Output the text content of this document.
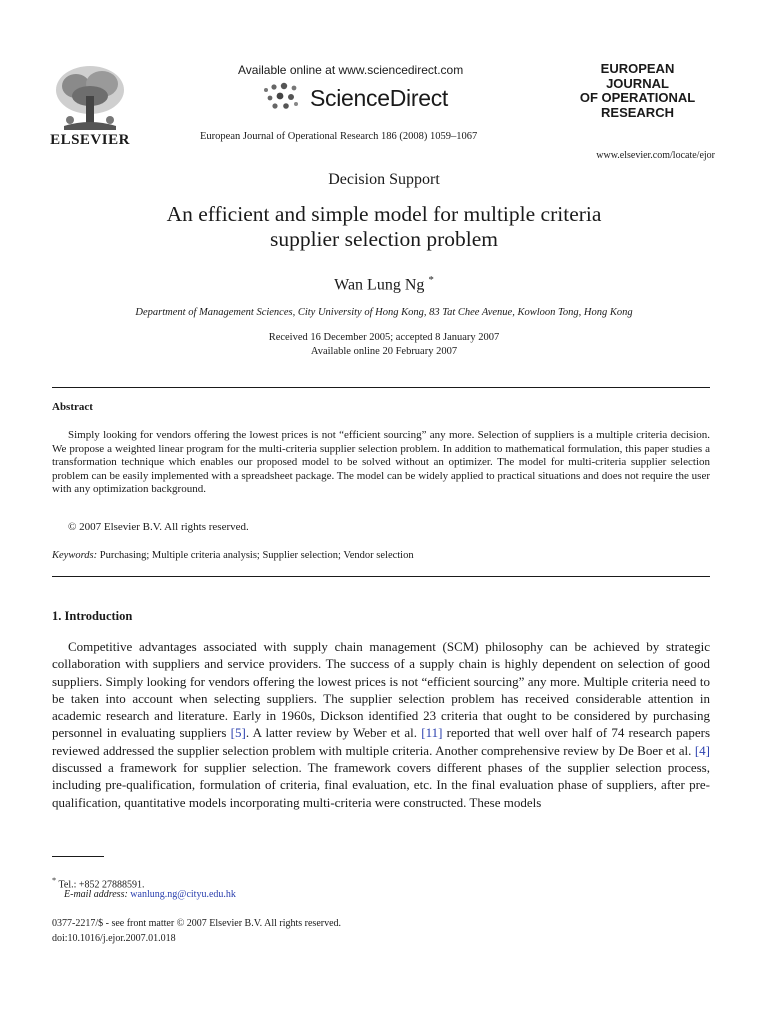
ELSEVIER
Available online at www.sciencedirect.com
ScienceDirect
European Journal of Operational Research 186 (2008) 1059–1067
EUROPEAN
JOURNAL
OF OPERATIONAL
RESEARCH
www.elsevier.com/locate/ejor
Decision Support
An efficient and simple model for multiple criteria
supplier selection problem
Wan Lung Ng *
Department of Management Sciences, City University of Hong Kong, 83 Tat Chee Avenue, Kowloon Tong, Hong Kong
Received 16 December 2005; accepted 8 January 2007
Available online 20 February 2007
Abstract
Simply looking for vendors offering the lowest prices is not “efficient sourcing” any more. Selection of suppliers is a multiple criteria decision. We propose a weighted linear program for the multi-criteria supplier selection problem. In addition to mathematical formulation, this paper studies a transformation technique which enables our proposed model to be solved without an optimizer. The model for multi-criteria supplier selection problem can be easily implemented with a spreadsheet package. The model can be widely applied to practical situations and does not require the user with any optimization background.
© 2007 Elsevier B.V. All rights reserved.
Keywords: Purchasing; Multiple criteria analysis; Supplier selection; Vendor selection
1. Introduction
Competitive advantages associated with supply chain management (SCM) philosophy can be achieved by strategic collaboration with suppliers and service providers. The success of a supply chain is highly dependent on selection of good suppliers. Simply looking for vendors offering the lowest prices is not “efficient sourcing” any more. Multiple criteria need to be taken into account when selecting suppliers. The supplier selection problem has received considerable attention in academic research and literature. Early in 1960s, Dickson identified 23 criteria that ought to be considered by purchasing personnel in evaluating suppliers [5]. A latter review by Weber et al. [11] reported that well over half of 74 research papers reviewed addressed the supplier selection problem with multiple criteria. Another comprehensive review by De Boer et al. [4] discussed a framework for supplier selection. The framework covers different phases of the supplier selection process, including pre-qualification, formulation of criteria, final evaluation, etc. In the final evaluation phase of suppliers, after pre-qualification, quantitative models incorporating multi-criteria were constructed. These models
* Tel.: +852 27888591.
E-mail address: wanlung.ng@cityu.edu.hk
0377-2217/$ - see front matter © 2007 Elsevier B.V. All rights reserved.
doi:10.1016/j.ejor.2007.01.018
